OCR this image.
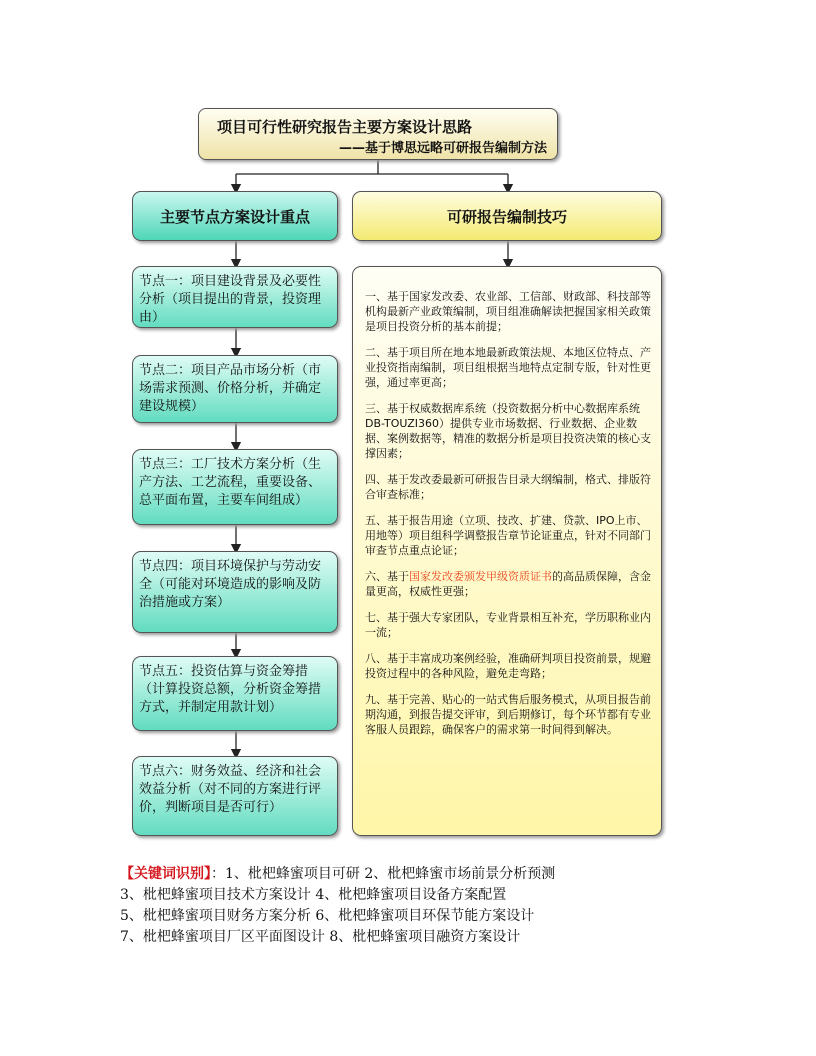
项目可行性研究报告主要方案设计思路
——基于博思远略可研报告编制方法
主要节点方案设计重点	可研报告编制技巧
节点一：项目建设背景及必要性分析（项目提出的背景，投资理由）
节点二：项目产品市场分析（市场需求预测、价格分析，并确定建设规模）
节点三：工厂技术方案分析（生产方法、工艺流程，重要设备、总平面布置，主要车间组成）
节点四：项目环境保护与劳动安全（可能对环境造成的影响及防治措施或方案）
节点五：投资估算与资金筹措（计算投资总额，分析资金筹措方式，并制定用款计划）
节点六：财务效益、经济和社会效益分析（对不同的方案进行评价，判断项目是否可行）

一、基于国家发改委、农业部、工信部、财政部、科技部等机构最新产业政策编制，项目组准确解读把握国家相关政策是项目投资分析的基本前提；

二、基于项目所在地本地最新政策法规、本地区位特点、产业投资指南编制，项目组根据当地特点定制专版，针对性更强，通过率更高；

三、基于权威数据库系统（投资数据分析中心数据库系统DB-TOUZI360）提供专业市场数据、行业数据、企业数据、案例数据等，精准的数据分析是项目投资决策的核心支撑因素；

四、基于发改委最新可研报告目录大纲编制，格式、排版符合审查标准；

五、基于报告用途（立项、技改、扩建、贷款、IPO上市、用地等）项目组科学调整报告章节论证重点，针对不同部门审查节点重点论证；

六、基于国家发改委颁发甲级资质证书的高品质保障，含金量更高，权威性更强；

七、基于强大专家团队，专业背景相互补充，学历职称业内一流；

八、基于丰富成功案例经验，准确研判项目投资前景，规避投资过程中的各种风险，避免走弯路；

九、基于完善、贴心的一站式售后服务模式，从项目报告前期沟通，到报告提交评审，到后期修订，每个环节都有专业客服人员跟踪，确保客户的需求第一时间得到解决。

【关键词识别】：1、枇杷蜂蜜项目可研 2、枇杷蜂蜜市场前景分析预测
3、枇杷蜂蜜项目技术方案设计 4、枇杷蜂蜜项目设备方案配置
5、枇杷蜂蜜项目财务方案分析 6、枇杷蜂蜜项目环保节能方案设计
7、枇杷蜂蜜项目厂区平面图设计 8、枇杷蜂蜜项目融资方案设计
